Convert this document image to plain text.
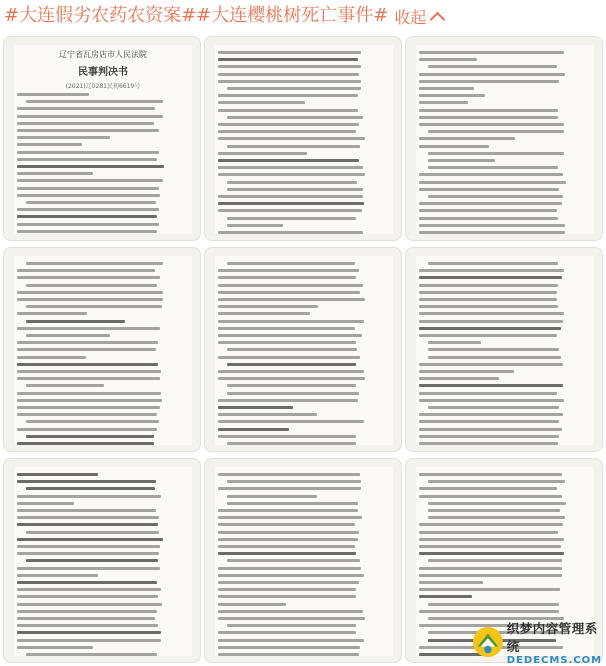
#大连假劣农药农资案# #大连樱桃树死亡事件# 收起
辽宁省瓦房店市人民法院
民事判决书
(2021)辽0281民初6619号
织梦内容管理系统
DEDECMS.COM
